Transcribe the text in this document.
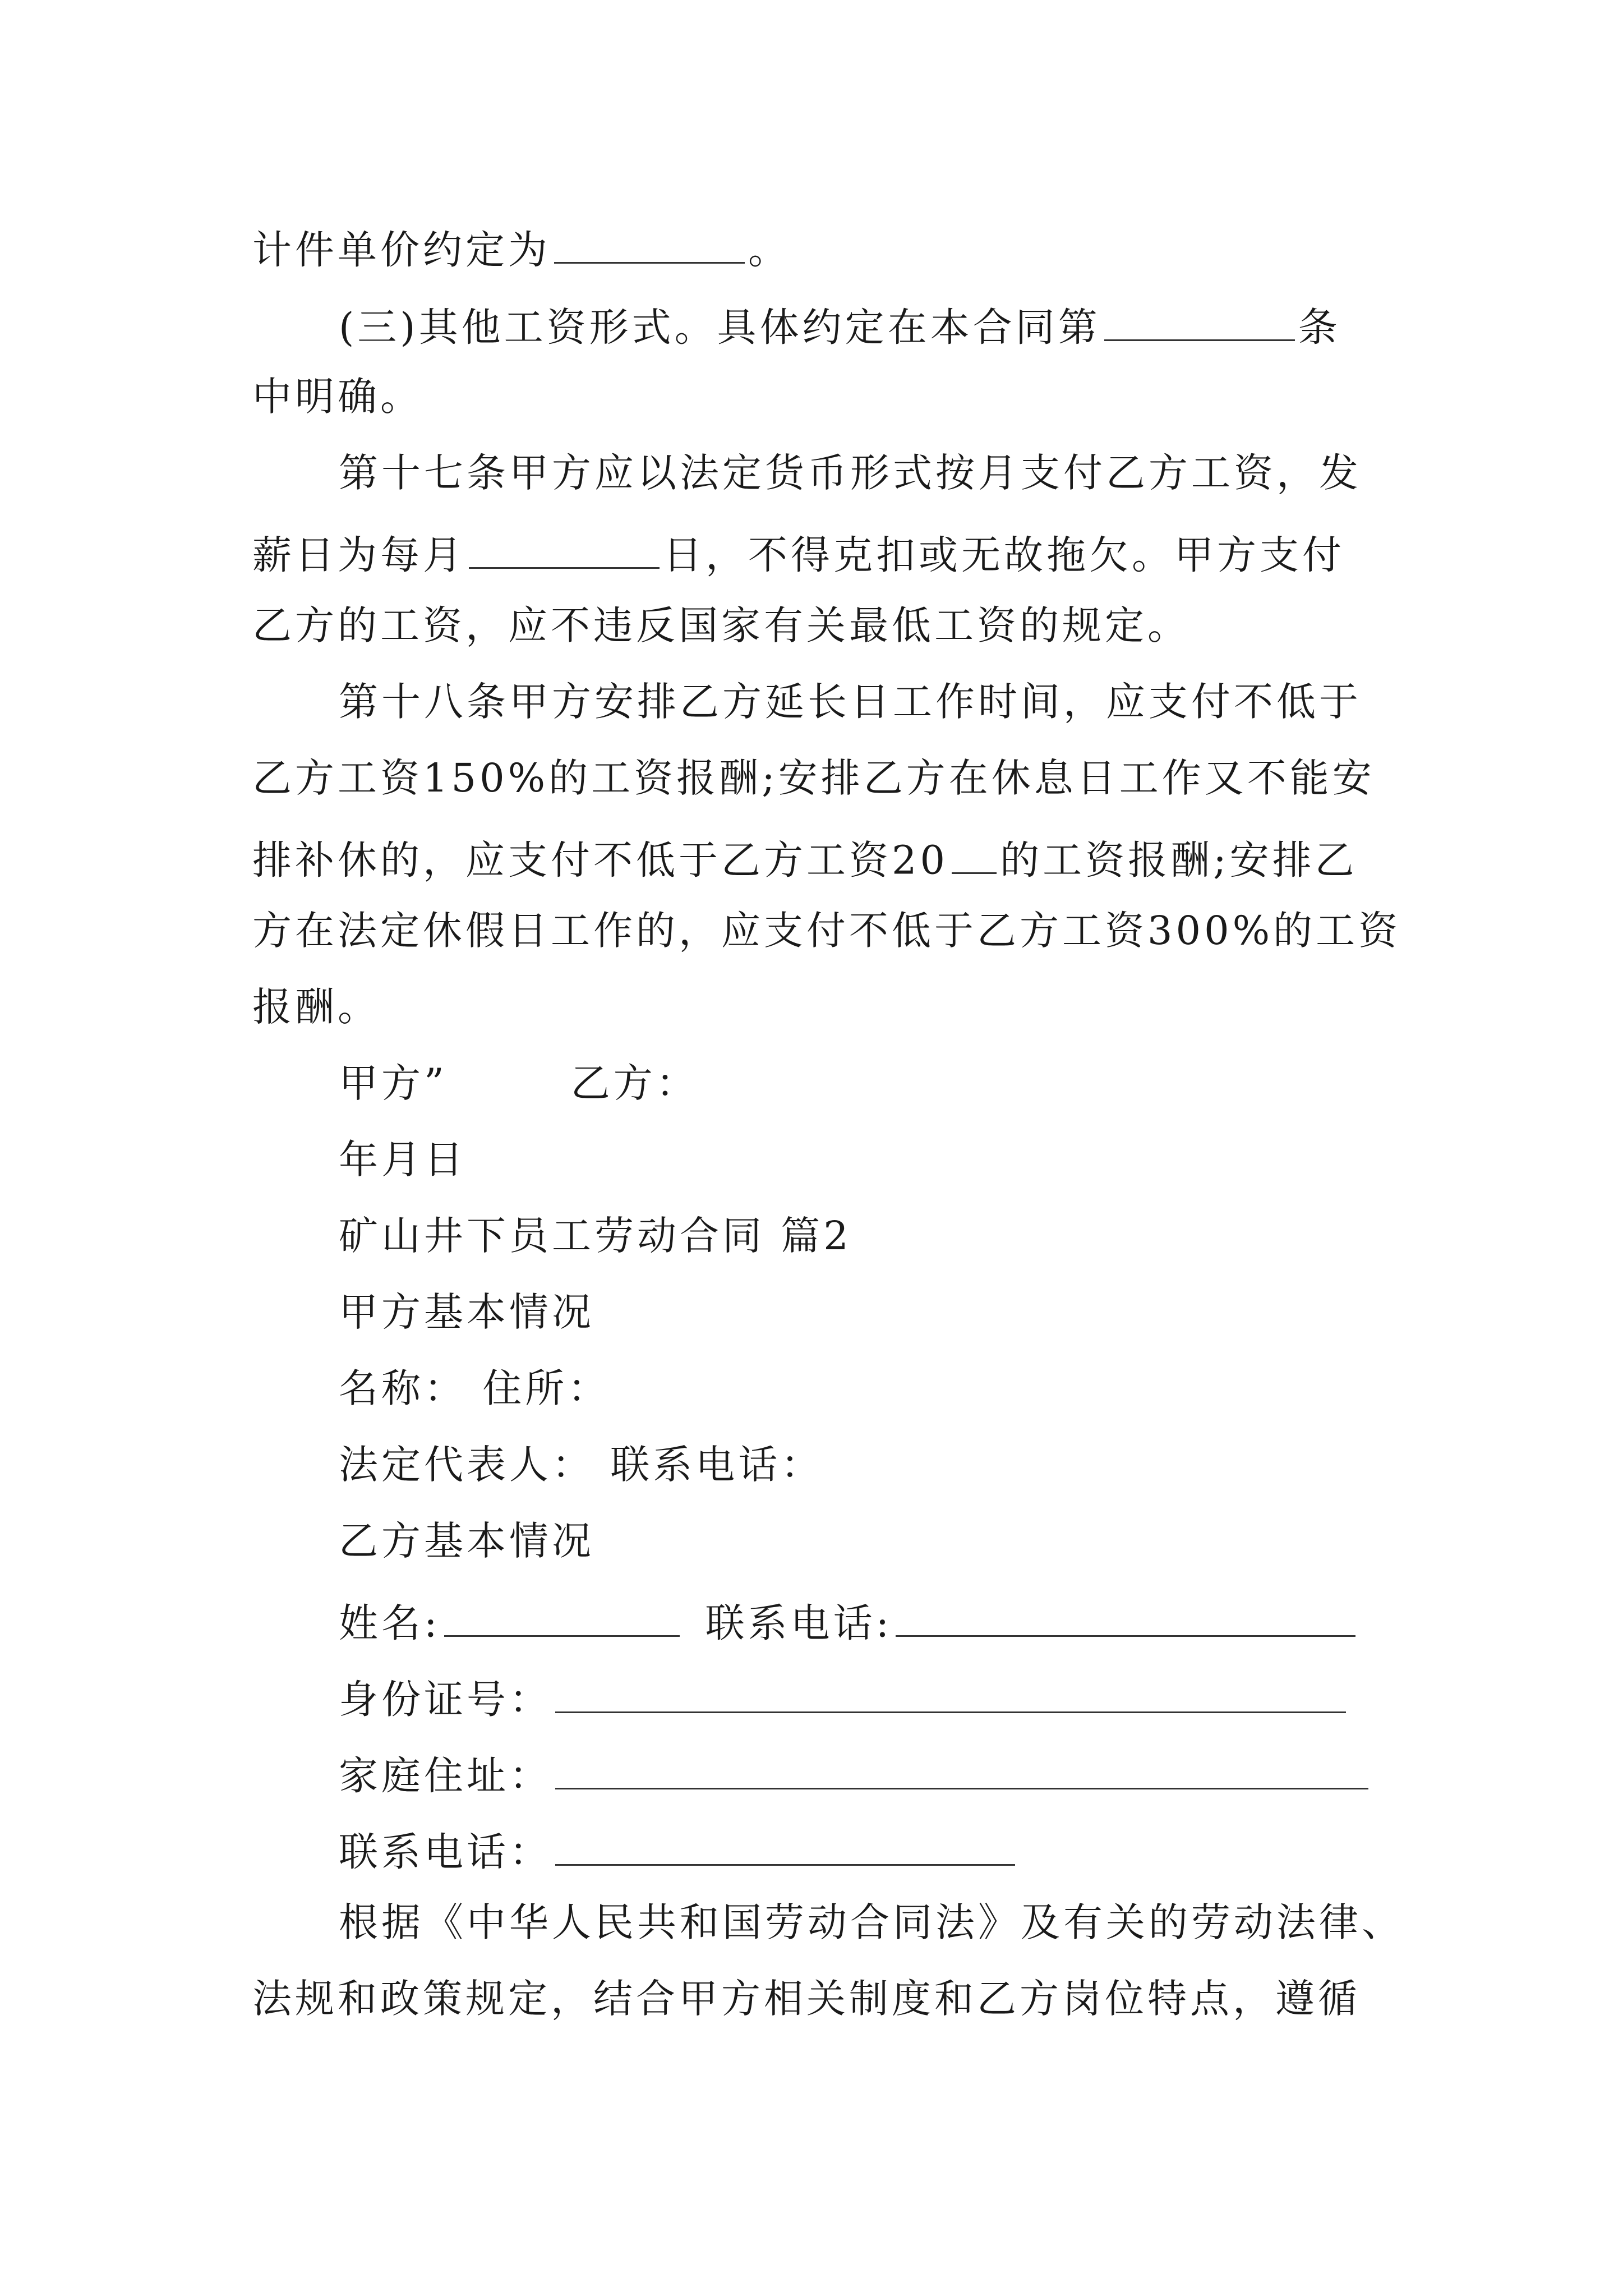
计件单价约定为	。
(三)其他工资形式。具体约定在本合同第	条
中明确。
第十七条甲方应以法定货币形式按月支付乙方工资，发
薪日为每月	日，不得克扣或无故拖欠。甲方支付
乙方的工资，应不违反国家有关最低工资的规定。
第十八条甲方安排乙方延长日工作时间，应支付不低于
乙方工资150%的工资报酬;安排乙方在休息日工作又不能安
排补休的，应支付不低于乙方工资20 的工资报酬;安排乙
方在法定休假日工作的，应支付不低于乙方工资300%的工资
报酬。
甲方”	乙方：
年月日
矿山井下员工劳动合同 篇2
甲方基本情况
名称： 住所：
法定代表人： 联系电话：
乙方基本情况
姓名:	联系电话:
身份证号：
家庭住址：
联系电话：
根据《中华人民共和国劳动合同法》及有关的劳动法律、
法规和政策规定，结合甲方相关制度和乙方岗位特点，遵循
